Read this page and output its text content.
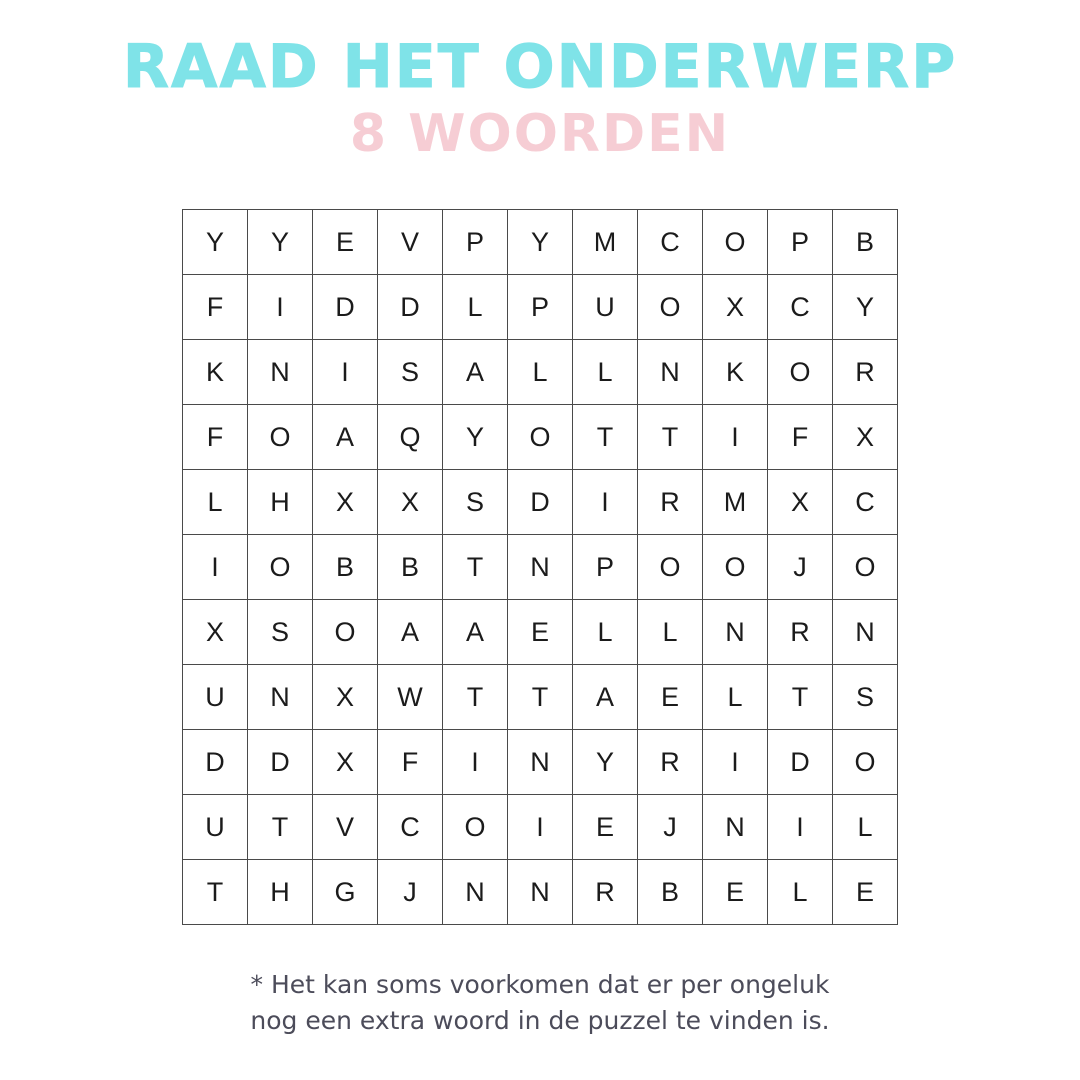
RAAD HET ONDERWERP
8 WOORDEN
Y	Y	E	V	P	Y	M	C	O	P	B
F	I	D	D	L	P	U	O	X	C	Y
K	N	I	S	A	L	L	N	K	O	R
F	O	A	Q	Y	O	T	T	I	F	X
L	H	X	X	S	D	I	R	M	X	C
I	O	B	B	T	N	P	O	O	J	O
X	S	O	A	A	E	L	L	N	R	N
U	N	X	W	T	T	A	E	L	T	S
D	D	X	F	I	N	Y	R	I	D	O
U	T	V	C	O	I	E	J	N	I	L
T	H	G	J	N	N	R	B	E	L	E
* Het kan soms voorkomen dat er per ongeluk
nog een extra woord in de puzzel te vinden is.
